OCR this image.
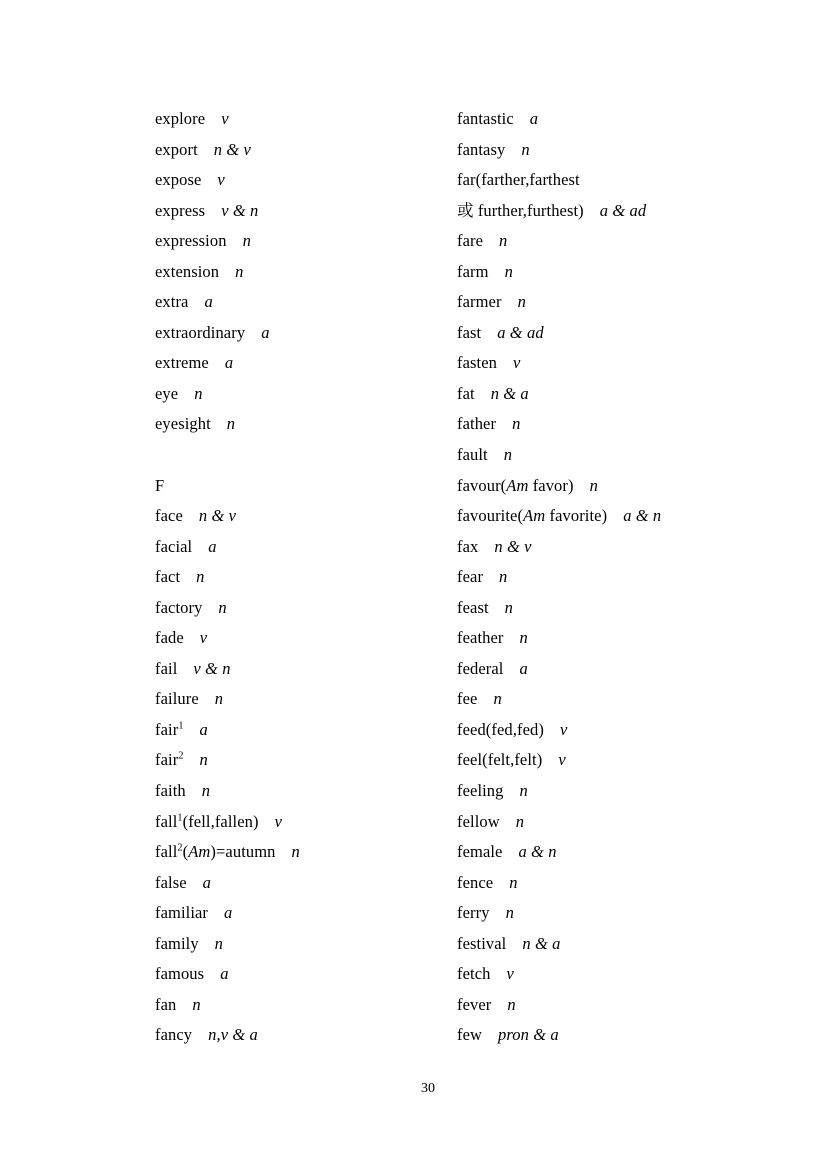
explore v
export n & v
expose v
express v & n
expression n
extension n
extra a
extraordinary a
extreme a
eye n
eyesight n
F
face n & v
facial a
fact n
factory n
fade v
fail v & n
failure n
fair$^1$ a
fair$^2$ n
faith n
fall$^1$(fell,fallen) v
fall$^2$(Am)=autumn n
false a
familiar a
family n
famous a
fan n
fancy n,v & a
fantastic a
fantasy n
far(farther,farthest
或 further,furthest) a & ad
fare n
farm n
farmer n
fast a & ad
fasten v
fat n & a
father n
fault n
favour(Am favor) n
favourite(Am favorite) a & n
fax n & v
fear n
feast n
feather n
federal a
fee n
feed(fed,fed) v
feel(felt,felt) v
feeling n
fellow n
female a & n
fence n
ferry n
festival n & a
fetch v
fever n
few pron & a
30
